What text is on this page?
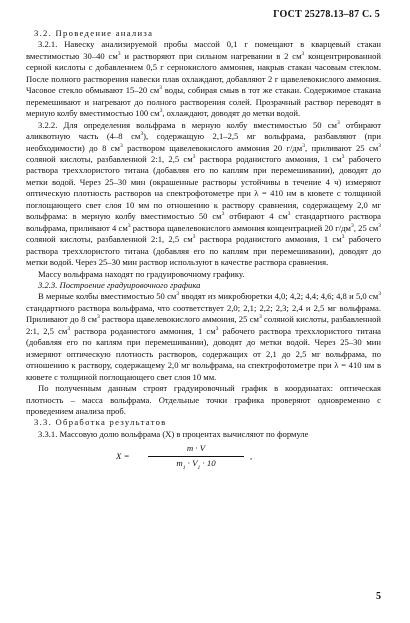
ГОСТ 25278.13–87 С. 5

3.2. Проведение анализа

3.2.1. Навеску анализируемой пробы массой 0,1 г помещают в кварцевый стакан вместимостью 30–40 $см^3$ и растворяют при сильном нагревании в 2 $см^3$ концентрированной серной кислоты с добавлением 0,5 г сернокислого аммония, накрыв стакан часовым стеклом. После полного растворения навески плав охлаждают, добавляют 2 г щавелевокислого аммония. Часовое стекло обмывают 15–20 $см^3$ воды, собирая смыв в тот же стакан. Содержимое стакана перемешивают и нагревают до полного растворения солей. Прозрачный раствор переводят в мерную колбу вместимостью 100 $см^3$, охлаждают, доводят до метки водой.

3.2.2. Для определения вольфрама в мерную колбу вместимостью 50 $см^3$ отбирают аликвотную часть (4–8 $см^3$), содержащую 2,1–2,5 мг вольфрама, разбавляют (при необходимости) до 8 $см^3$ раствором щавелевокислого аммония 20 $г/дм^3$, приливают 25 $см^3$ соляной кислоты, разбавленной 2:1, 2,5 $см^3$ раствора роданистого аммония, 1 $см^3$ рабочего раствора треххлористого титана (добавляя его по каплям при перемешивании), доводят до метки водой. Через 25–30 мин (окрашенные растворы устойчивы в течение 4 ч) измеряют оптическую плотность растворов на спектрофотометре при λ = 410 нм в кювете с толщиной поглощающего свет слоя 10 мм по отношению к раствору сравнения, содержащему 2,0 мг вольфрама: в мерную колбу вместимостью 50 $см^3$ отбирают 4 $см^3$ стандартного раствора вольфрама, приливают 4 $см^3$ раствора щавелевокислого аммония концентрацией 20 $г/дм^3$, 25 $см^3$ соляной кислоты, разбавленной 2:1, 2,5 $см^3$ раствора роданистого аммония, 1 $см^3$ рабочего раствора треххлористого титана (добавляя его по каплям при перемешивании), доводят до метки водой. Через 25–30 мин раствор используют в качестве раствора сравнения.

Массу вольфрама находят по градуировочному графику.

3.2.3. Построение градуировочного графика

В мерные колбы вместимостью 50 $см^3$ вводят из микробюретки 4,0; 4,2; 4,4; 4,6; 4,8 и 5,0 $см^3$ стандартного раствора вольфрама, что соответствует 2,0; 2,1; 2,2; 2,3; 2,4 и 2,5 мг вольфрама. Приливают до 8 $см^3$ раствора щавелевокислого аммония, 25 $см^3$ соляной кислоты, разбавленной 2:1, 2,5 $см^3$ раствора роданистого аммония, 1 $см^3$ рабочего раствора треххлористого титана (добавляя его по каплям при перемешивании), доводят до метки водой. Через 25–30 мин измеряют оптическую плотность растворов, содержащих от 2,1 до 2,5 мг вольфрама, по отношению к раствору, содержащему 2,0 мг вольфрама, на спектрофотометре при λ = 410 нм в кювете с толщиной поглощающего свет слоя 10 мм.

По полученным данным строят градуировочный график в координатах: оптическая плотность – масса вольфрама. Отдельные точки графика проверяют одновременно с проведением анализа проб.

3.3. Обработка результатов

3.3.1. Массовую долю вольфрама (X) в процентах вычисляют по формуле

X =
m · V
$m_1 \cdot V_1 \cdot 10$
,
5
